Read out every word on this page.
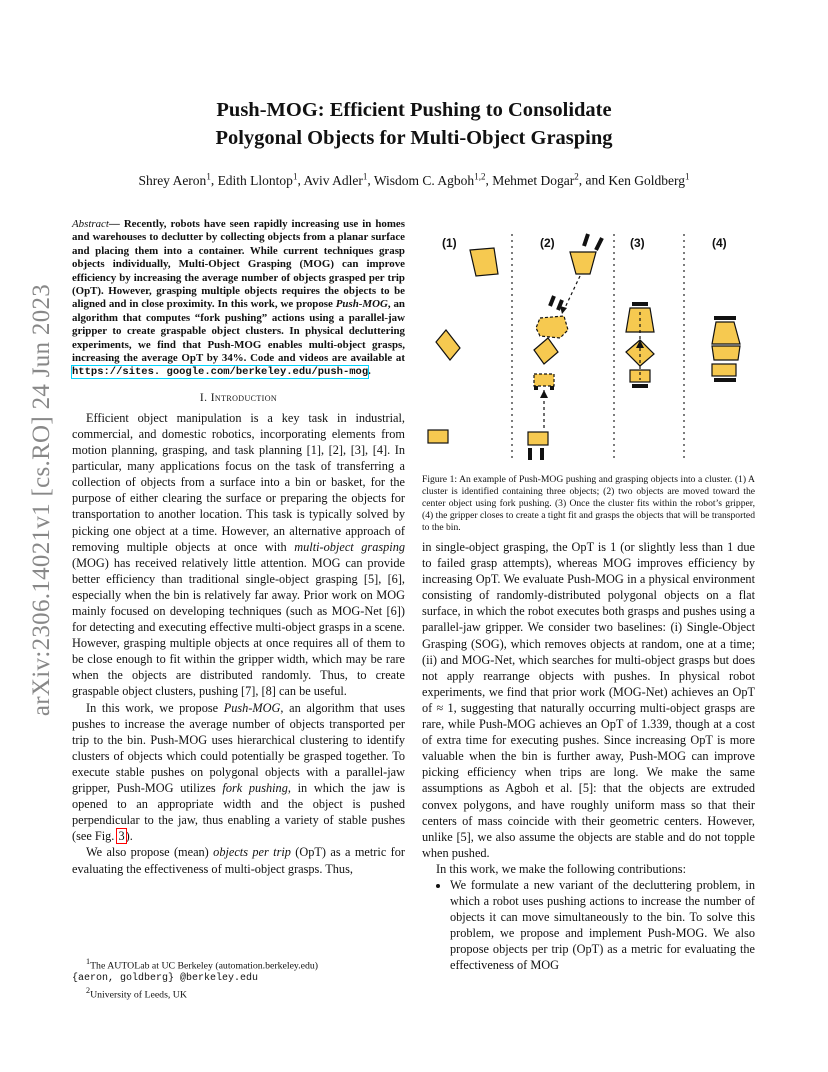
arXiv:2306.14021v1 [cs.RO] 24 Jun 2023
Push-MOG: Efficient Pushing to Consolidate
Polygonal Objects for Multi-Object Grasping
Shrey Aeron$^1$, Edith Llontop$^1$, Aviv Adler$^1$, Wisdom C. Agboh$^{1,2}$, Mehmet Dogar$^2$, and Ken Goldberg$^1$
Abstract— Recently, robots have seen rapidly increasing use in homes and warehouses to declutter by collecting objects from a planar surface and placing them into a container. While current techniques grasp objects individually, Multi-Object Grasping (MOG) can improve efficiency by increasing the average number of objects grasped per trip (OpT). However, grasping multiple objects requires the objects to be aligned and in close proximity. In this work, we propose Push-MOG, an algorithm that computes “fork pushing” actions using a parallel-jaw gripper to create graspable object clusters. In physical decluttering experiments, we find that Push-MOG enables multi-object grasps, increasing the average OpT by 34%. Code and videos are available at https://sites. google.com/berkeley.edu/push-mog.
I. Introduction

Efficient object manipulation is a key task in industrial, commercial, and domestic robotics, incorporating elements from motion planning, grasping, and task planning [1], [2], [3], [4]. In particular, many applications focus on the task of transferring a collection of objects from a surface into a bin or basket, for the purpose of either clearing the surface or preparing the objects for transportation to another location. This task is typically solved by picking one object at a time. However, an alternative approach of removing multiple objects at once with multi-object grasping (MOG) has received relatively little attention. MOG can provide better efficiency than traditional single-object grasping [5], [6], especially when the bin is relatively far away. Prior work on MOG mainly focused on developing techniques (such as MOG-Net [6]) for detecting and executing effective multi-object grasps in a scene. However, grasping multiple objects at once requires all of them to be close enough to fit within the gripper width, which may be rare when the objects are distributed randomly. Thus, to create graspable object clusters, pushing [7], [8] can be useful.

In this work, we propose Push-MOG, an algorithm that uses pushes to increase the average number of objects transported per trip to the bin. Push-MOG uses hierarchical clustering to identify clusters of objects which could potentially be grasped together. To execute stable pushes on polygonal objects with a parallel-jaw gripper, Push-MOG utilizes fork pushing, in which the jaw is opened to an appropriate width and the object is pushed perpendicular to the jaw, thus enabling a variety of stable pushes (see Fig. 3).

We also propose (mean) objects per trip (OpT) as a metric for evaluating the effectiveness of multi-object grasps. Thus,

$^1$The AUTOLab at UC Berkeley (automation.berkeley.edu)
{aeron, goldberg} @berkeley.edu
$^2$University of Leeds, UK
(1)	(2)	(3)	(4)
Figure 1: An example of Push-MOG pushing and grasping objects into a cluster. (1) A cluster is identified containing three objects; (2) two objects are moved toward the center object using fork pushing. (3) Once the cluster fits within the robot’s gripper, (4) the gripper closes to create a tight fit and grasps the objects that will be transported to the bin.

in single-object grasping, the OpT is 1 (or slightly less than 1 due to failed grasp attempts), whereas MOG improves efficiency by increasing OpT. We evaluate Push-MOG in a physical environment consisting of randomly-distributed polygonal objects on a flat surface, in which the robot executes both grasps and pushes using a parallel-jaw gripper. We consider two baselines: (i) Single-Object Grasping (SOG), which removes objects at random, one at a time; (ii) and MOG-Net, which searches for multi-object grasps but does not apply rearrange objects with pushes. In physical robot experiments, we find that prior work (MOG-Net) achieves an OpT of ≈ 1, suggesting that naturally occurring multi-object grasps are rare, while Push-MOG achieves an OpT of 1.339, though at a cost of extra time for executing pushes. Since increasing OpT is more valuable when the bin is further away, Push-MOG can improve picking efficiency when trips are long. We make the same assumptions as Agboh et al. [5]: that the objects are extruded convex polygons, and have roughly uniform mass so that their centers of mass coincide with their geometric centers. However, unlike [5], we also assume the objects are stable and do not topple when pushed.

In this work, we make the following contributions:

• We formulate a new variant of the decluttering problem, in which a robot uses pushing actions to increase the number of objects it can move simultaneously to the bin. To solve this problem, we propose and implement Push-MOG. We also propose objects per trip (OpT) as a metric for evaluating the effectiveness of MOG
